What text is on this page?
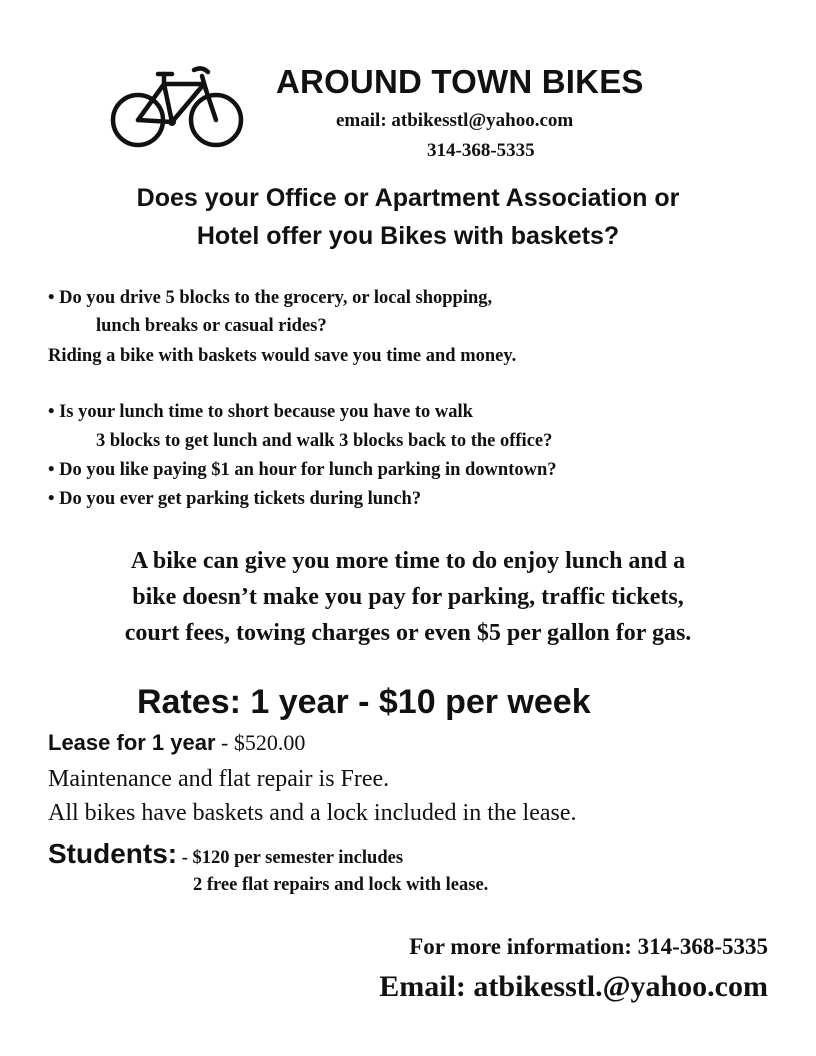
AROUND TOWN BIKES
email: atbikesstl@yahoo.com
314-368-5335
Does your Office or Apartment Association or
Hotel offer you Bikes with baskets?
• Do you drive 5 blocks to the grocery, or local shopping,
lunch breaks or casual rides?
Riding a bike with baskets would save you time and money.
• Is your lunch time to short because you have to walk
3 blocks to get lunch and walk 3 blocks back to the office?
• Do you like paying $1 an hour for lunch parking in downtown?
• Do you ever get parking tickets during lunch?
A bike can give you more time to do enjoy lunch and a
bike doesn’t make you pay for parking, traffic tickets,
court fees, towing charges or even $5 per gallon for gas.
Rates: 1 year - $10 per week
Lease for 1 year - $520.00
Maintenance and flat repair is Free.
All bikes have baskets and a lock included in the lease.
Students: - $120 per semester includes
2 free flat repairs and lock with lease.
For more information: 314-368-5335
Email: atbikesstl.@yahoo.com
